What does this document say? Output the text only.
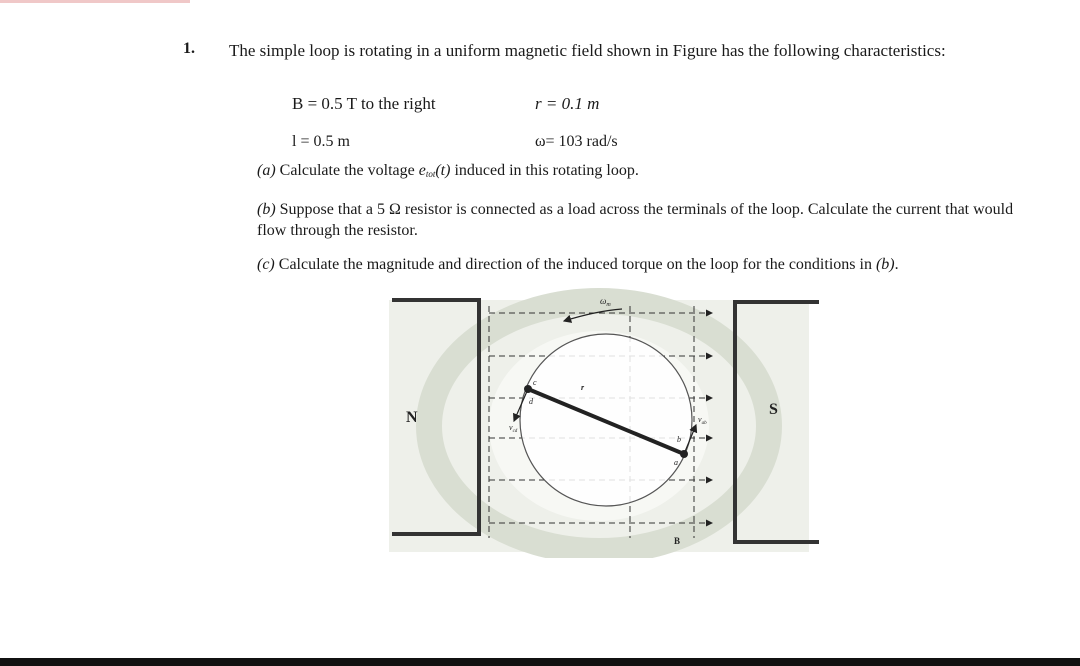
1. The simple loop is rotating in a uniform magnetic field shown in Figure has the following characteristics:
B = 0.5 T to the right	r = 0.1 m
l = 0.5 m	ω= 103 rad/s
(a) Calculate the voltage $e_{tot}(t)$ induced in this rotating loop.
(b) Suppose that a 5 Ω resistor is connected as a load across the terminals of the loop. Calculate the current that would flow through the resistor.
(c) Calculate the magnitude and direction of the induced torque on the loop for the conditions in (b).
$\omega_m$
c
d
a
b
r
$v_{cd}$
$v_{ab}$
N	S
B
